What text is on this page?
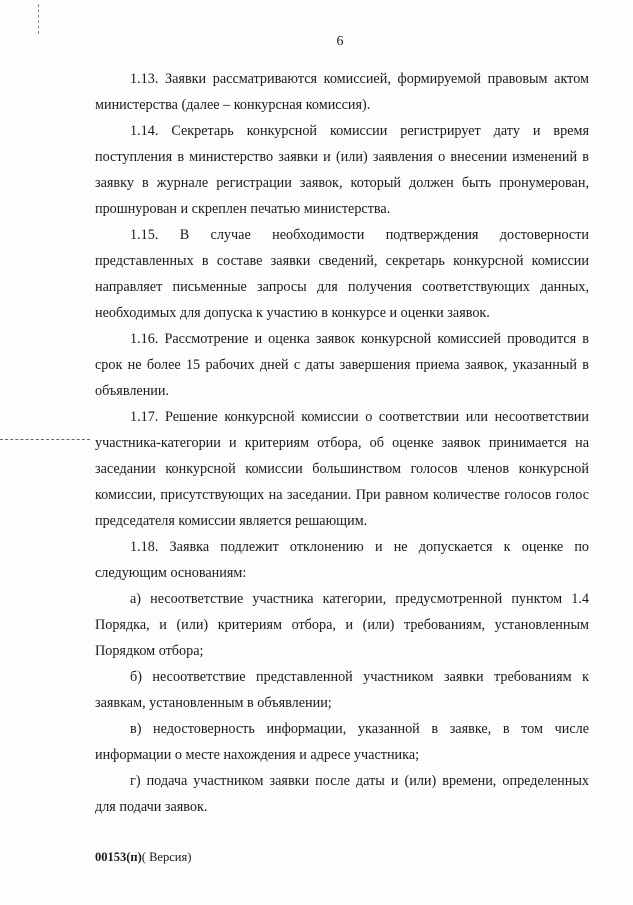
6

1.13. Заявки рассматриваются комиссией, формируемой правовым актом министерства (далее – конкурсная комиссия).

1.14. Секретарь конкурсной комиссии регистрирует дату и время поступления в министерство заявки и (или) заявления о внесении изменений в заявку в журнале регистрации заявок, который должен быть пронумерован, прошнурован и скреплен печатью министерства.

1.15. В случае необходимости подтверждения достоверности представленных в составе заявки сведений, секретарь конкурсной комиссии направляет письменные запросы для получения соответствующих данных, необходимых для допуска к участию в конкурсе и оценки заявок.

1.16. Рассмотрение и оценка заявок конкурсной комиссией проводится в срок не более 15 рабочих дней с даты завершения приема заявок, указанный в объявлении.

1.17. Решение конкурсной комиссии о соответствии или несоответствии участника-категории и критериям отбора, об оценке заявок принимается на заседании конкурсной комиссии большинством голосов членов конкурсной комиссии, присутствующих на заседании. При равном количестве голосов голос председателя комиссии является решающим.

1.18. Заявка подлежит отклонению и не допускается к оценке по следующим основаниям:

а) несоответствие участника категории, предусмотренной пунктом 1.4 Порядка, и (или) критериям отбора, и (или) требованиям, установленным Порядком отбора;

б) несоответствие представленной участником заявки требованиям к заявкам, установленным в объявлении;

в) недостоверность информации, указанной в заявке, в том числе информации о месте нахождения и адресе участника;

г) подача участником заявки после даты и (или) времени, определенных для подачи заявок.

00153(п)( Версия)
